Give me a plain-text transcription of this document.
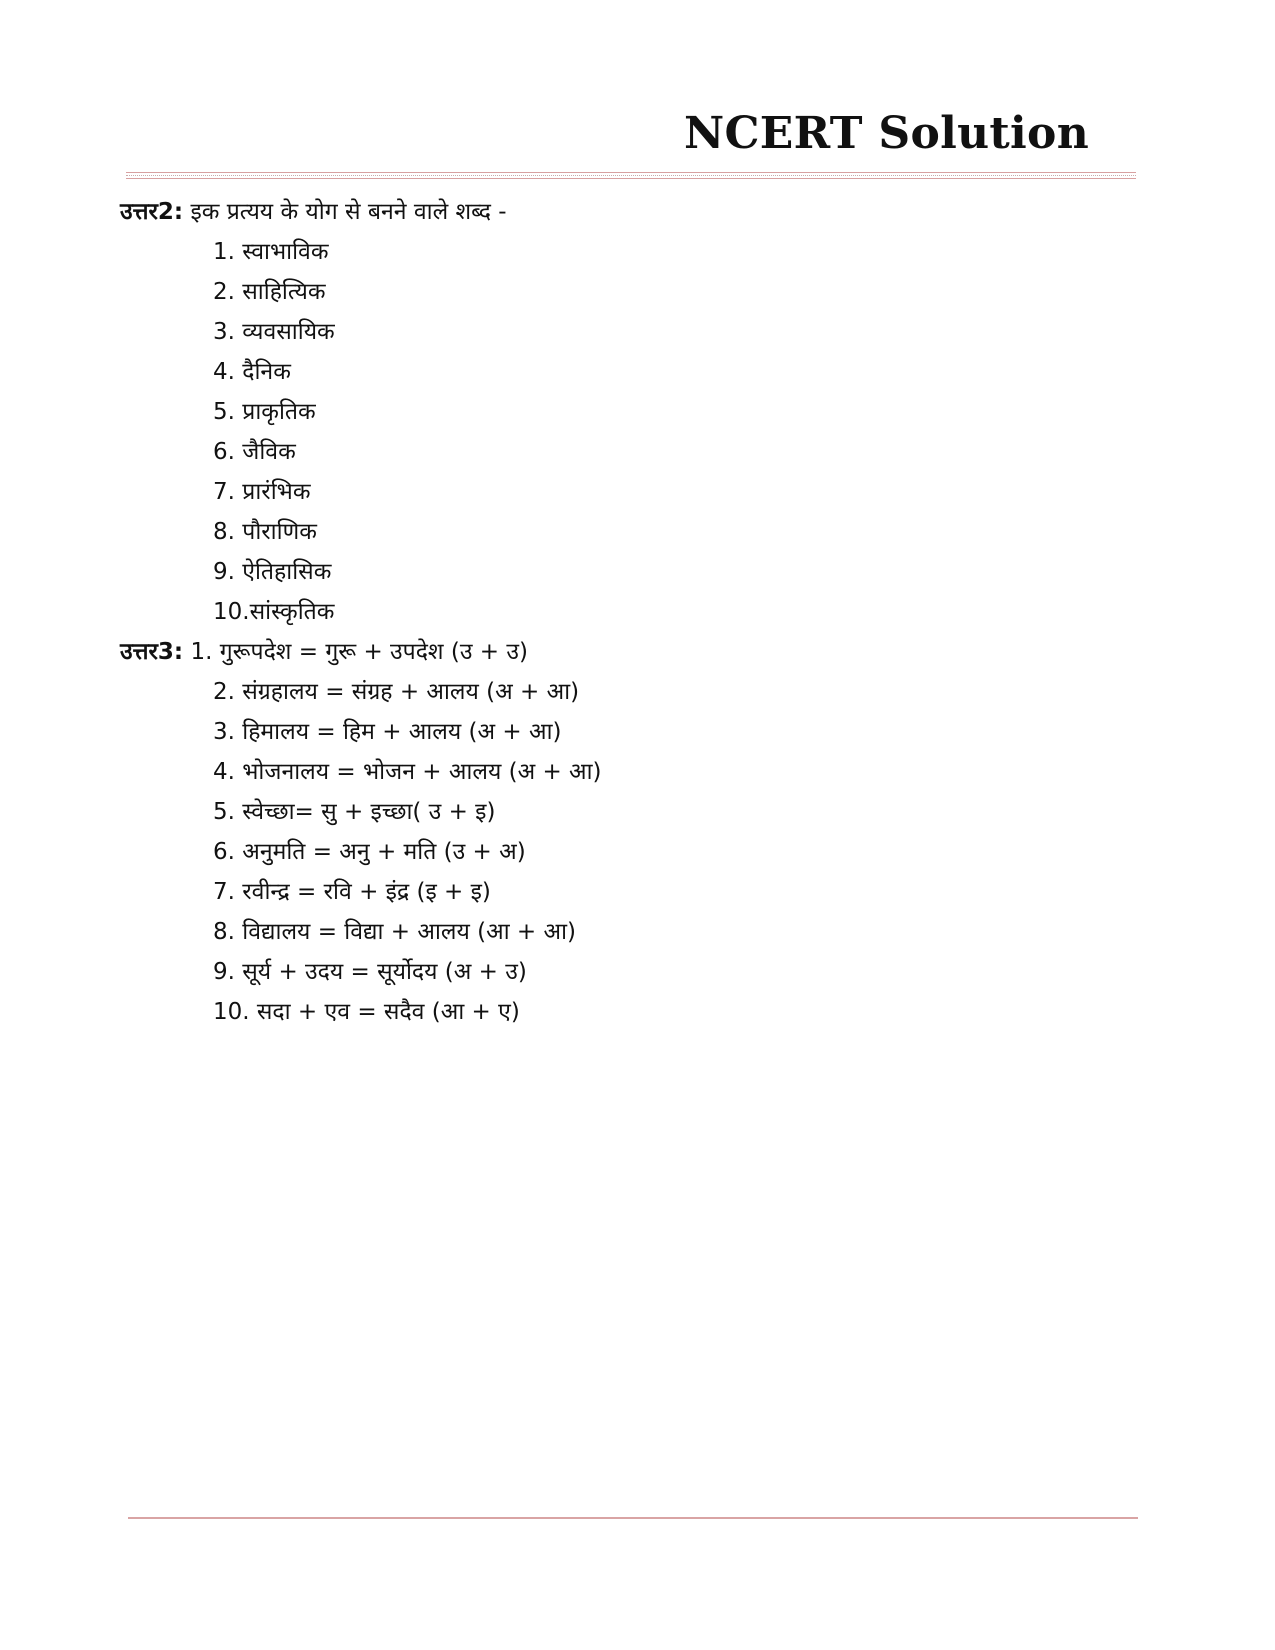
NCERT Solution
उत्तर2: इक प्रत्यय के योग से बनने वाले शब्द -
1. स्वाभाविक
2. साहित्यिक
3. व्यवसायिक
4. दैनिक
5. प्राकृतिक
6. जैविक
7. प्रारंभिक
8. पौराणिक
9. ऐतिहासिक
10.सांस्कृतिक
उत्तर3: 1. गुरूपदेश = गुरू + उपदेश (उ + उ)
2. संग्रहालय = संग्रह + आलय (अ + आ)
3. हिमालय = हिम + आलय (अ + आ)
4. भोजनालय = भोजन + आलय (अ + आ)
5. स्वेच्छा= सु + इच्छा( उ + इ)
6. अनुमति = अनु + मति (उ + अ)
7. रवीन्द्र = रवि + इंद्र (इ + इ)
8. विद्यालय = विद्या + आलय (आ + आ)
9. सूर्य + उदय = सूर्योदय (अ + उ)
10. सदा + एव = सदैव (आ + ए)
